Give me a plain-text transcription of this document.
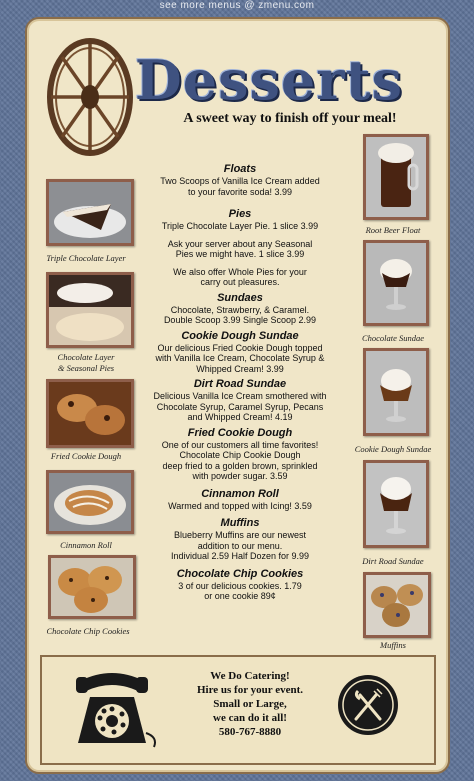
see more menus @ zmenu.com
Desserts
A sweet way to finish off your meal!
Triple Chocolate Layer
Chocolate Layer
& Seasonal Pies
Fried Cookie Dough
Cinnamon Roll
Chocolate Chip Cookies
Root Beer Float
Chocolate Sundae
Cookie Dough Sundae
Dirt Road Sundae
Muffins
Floats

Two Scoops of Vanilla Ice Cream added

to your favorite soda! 3.99

Pies

Triple Chocolate Layer Pie. 1 slice 3.99

Ask your server about any Seasonal

Pies we might have. 1 slice 3.99

We also offer Whole Pies for your

carry out pleasures.

Sundaes

Chocolate, Strawberry, & Caramel.

Double Scoop 3.99 Single Scoop 2.99

Cookie Dough Sundae

Our delicious Fried Cookie Dough topped

with Vanilla Ice Cream, Chocolate Syrup &

Whipped Cream! 3.99

Dirt Road Sundae

Delicious Vanilla Ice Cream smothered with

Chocolate Syrup, Caramel Syrup, Pecans

and Whipped Cream! 4.19

Fried Cookie Dough

One of our customers all time favorites!

Chocolate Chip Cookie Dough

deep fried to a golden brown, sprinkled

with powder sugar. 3.59

Cinnamon Roll

Warmed and topped with Icing! 3.59

Muffins

Blueberry Muffins are our newest

addition to our menu.

Individual 2.59 Half Dozen for 9.99

Chocolate Chip Cookies

3 of our delicious cookies. 1.79

or one cookie 89¢

We Do Catering!
Hire us for your event.
Small or Large,
we can do it all!
580-767-8880
